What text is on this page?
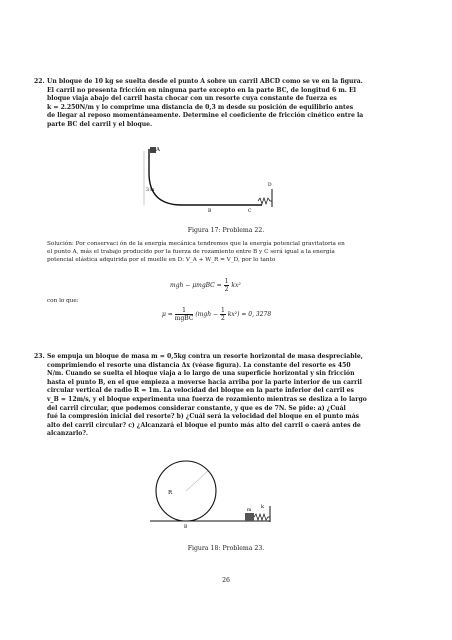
22. Un bloque de 10 kg se suelta desde el punto A sobre un carril ABCD como se ve en la figura.
El carril no presenta fricción en ninguna parte excepto en la parte BC, de longitud 6 m. El
bloque viaja abajo del carril hasta chocar con un resorte cuya constante de fuerza es
k = 2.250N/m y lo comprime una distancia de 0,3 m desde su posición de equilibrio antes
de llegar al reposo momentáneamente. Determine el coeficiente de fricción cinético entre la
parte BC del carril y el bloque.
A
3 m
B	C
D
Figura 17: Problema 22.
Solución: Por conservaci ón de la energía mecánica tendremos que la energía potencial gravitatoria en
el punto A, más el trabajo producido por la fuerza de rozamiento entre B y C será igual a la energía
potencial elástica adquirida por el muelle en D: V_A + W_R = V_D, por lo tanto
mgh − μmgBC = $\frac{1}{2} kx^2$
con lo que:
$\mu = \frac{1}{\text{mgBC}} (mgh - \frac{1}{2} kx^2) = 0$, 3278
23. Se empuja un bloque de masa m = 0,5kg contra un resorte horizontal de masa despreciable,
comprimiendo el resorte una distancia Δx (véase figura). La constante del resorte es 450
N/m. Cuando se suelta el bloque viaja a lo largo de una superficie horizontal y sin fricción
hasta el punto B, en el que empieza a moverse hacia arriba por la parte interior de un carril
circular vertical de radio R = 1m. La velocidad del bloque en la parte inferior del carril es
v_B = 12m/s, y el bloque experimenta una fuerza de rozamiento mientras se desliza a lo largo
del carril circular, que podemos considerar constante, y que es de 7N. Se pide: a) ¿Cuál
fué la compresión inicial del resorte? b) ¿Cuál será la velocidad del bloque en el punto más
alto del carril circular? c) ¿Alcanzará el bloque el punto más alto del carril o caerá antes de
alcanzarlo?.
R
B
m
k
Figura 18: Problema 23.
26
